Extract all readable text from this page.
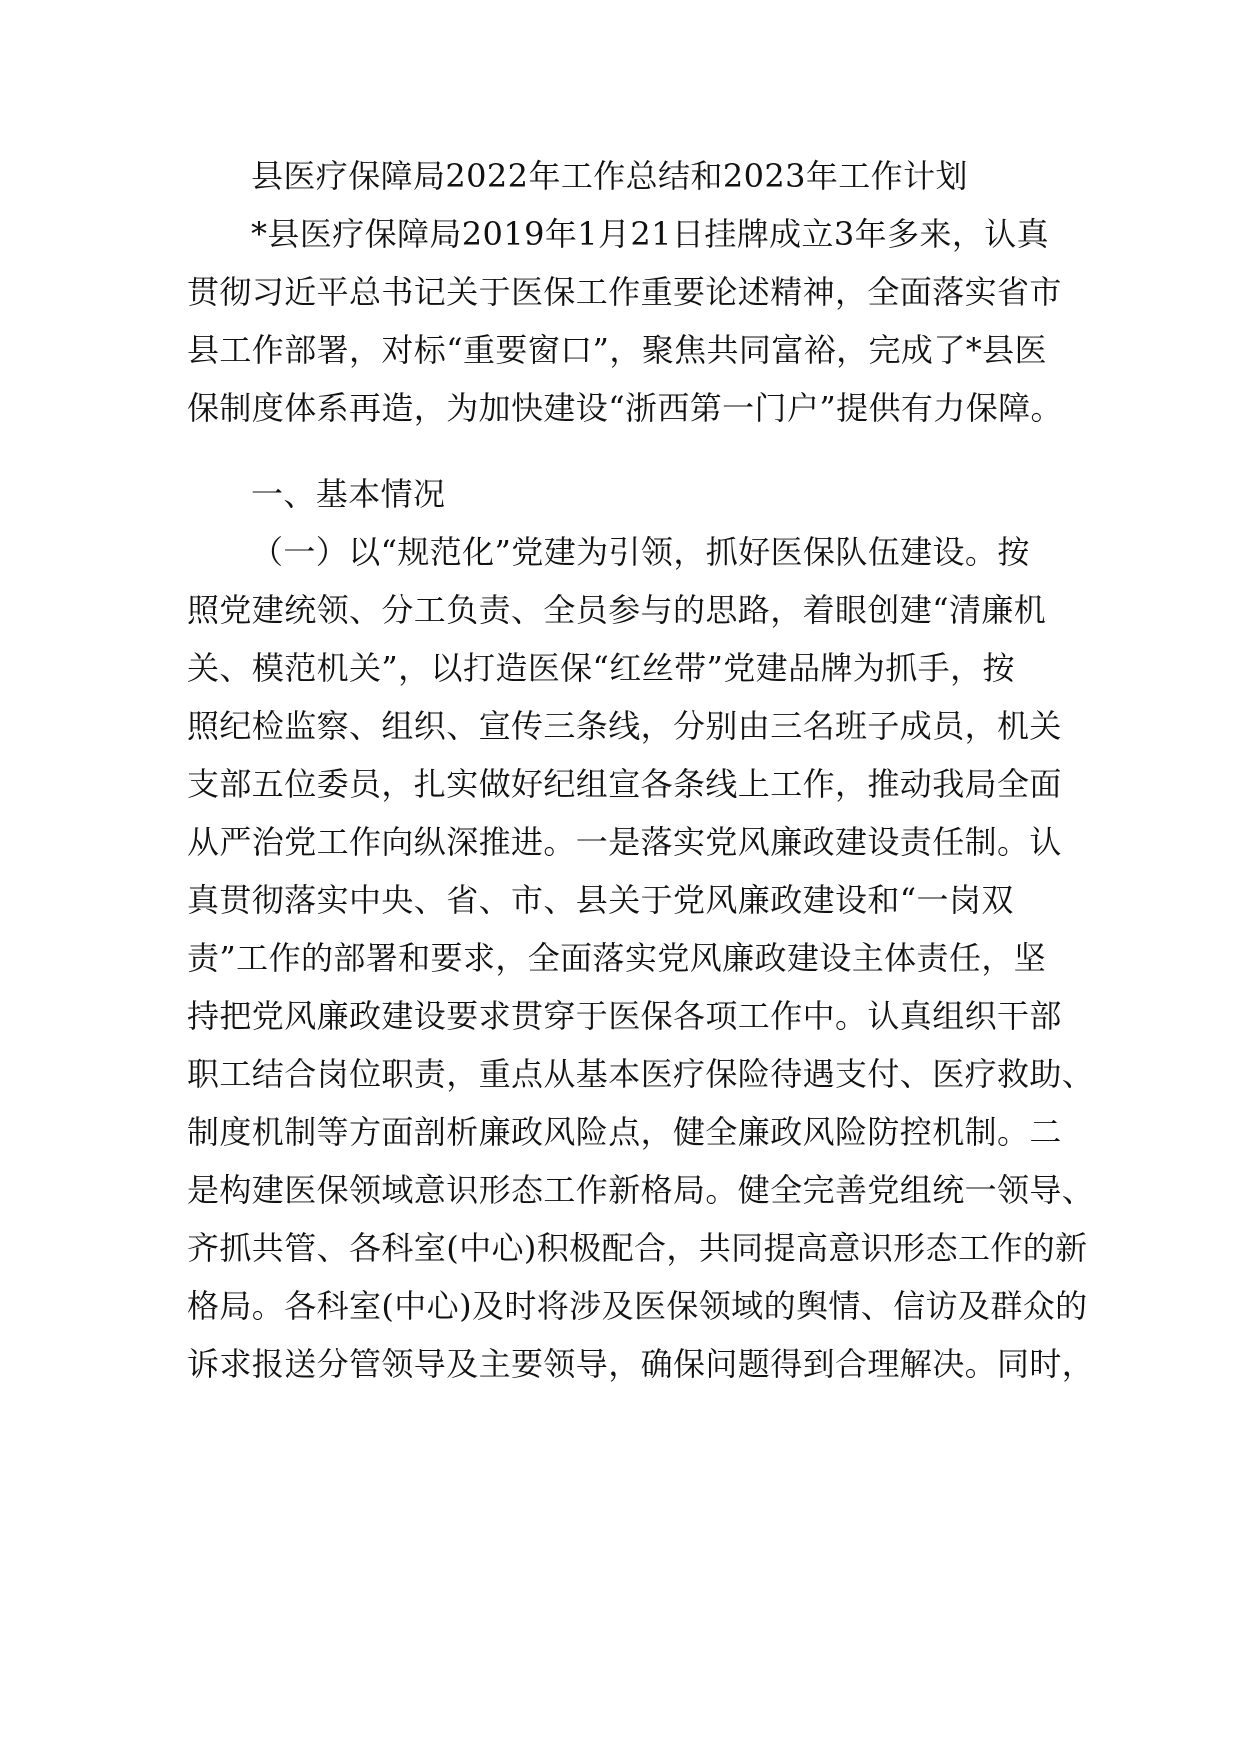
县医疗保障局2022年工作总结和2023年工作计划

*县医疗保障局2019年1月21日挂牌成立3年多来，认真

贯彻习近平总书记关于医保工作重要论述精神，全面落实省市

县工作部署，对标“重要窗口”，聚焦共同富裕，完成了*县医

保制度体系再造，为加快建设“浙西第一门户”提供有力保障。

一、基本情况

（一）以“规范化”党建为引领，抓好医保队伍建设。按

照党建统领、分工负责、全员参与的思路，着眼创建“清廉机

关、模范机关”，以打造医保“红丝带”党建品牌为抓手，按

照纪检监察、组织、宣传三条线，分别由三名班子成员，机关

支部五位委员，扎实做好纪组宣各条线上工作，推动我局全面

从严治党工作向纵深推进。一是落实党风廉政建设责任制。认

真贯彻落实中央、省、市、县关于党风廉政建设和“一岗双

责”工作的部署和要求，全面落实党风廉政建设主体责任，坚

持把党风廉政建设要求贯穿于医保各项工作中。认真组织干部

职工结合岗位职责，重点从基本医疗保险待遇支付、医疗救助、

制度机制等方面剖析廉政风险点，健全廉政风险防控机制。二

是构建医保领域意识形态工作新格局。健全完善党组统一领导、

齐抓共管、各科室(中心)积极配合，共同提高意识形态工作的新

格局。各科室(中心)及时将涉及医保领域的舆情、信访及群众的

诉求报送分管领导及主要领导，确保问题得到合理解决。同时，
